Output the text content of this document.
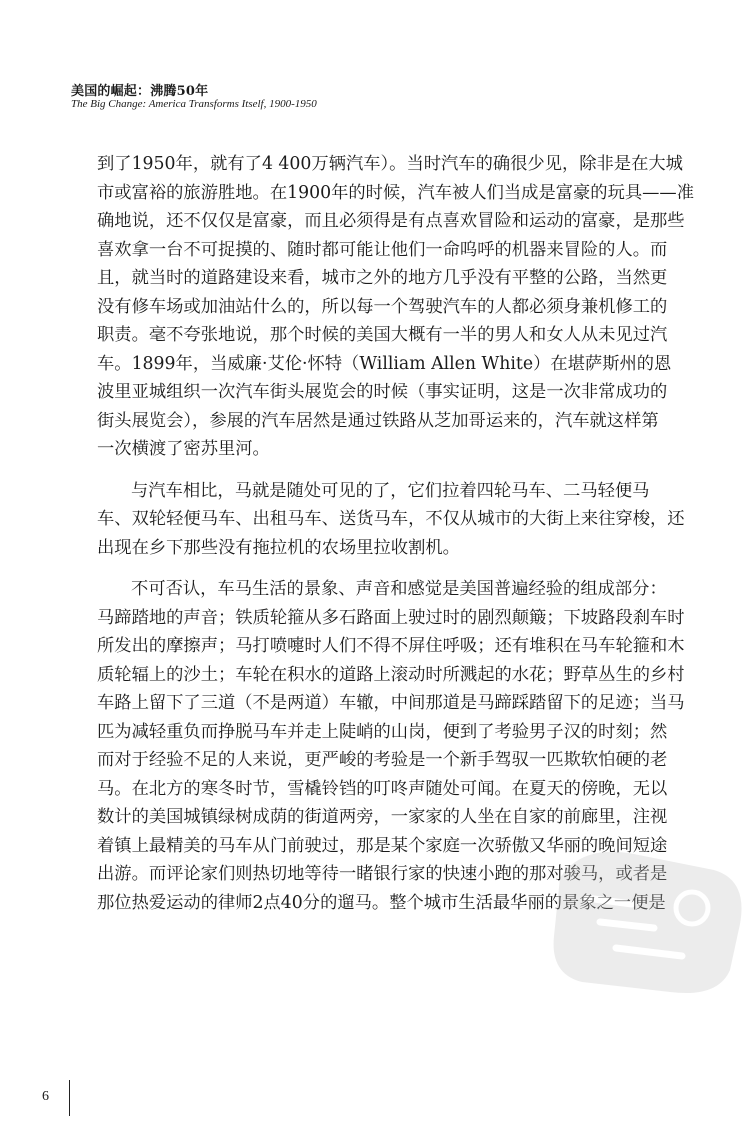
美国的崛起：沸腾50年
The Big Change: America Transforms Itself, 1900-1950
到了1950年，就有了4 400万辆汽车）。当时汽车的确很少见，除非是在大城
市或富裕的旅游胜地。在1900年的时候，汽车被人们当成是富豪的玩具——准
确地说，还不仅仅是富豪，而且必须得是有点喜欢冒险和运动的富豪，是那些
喜欢拿一台不可捉摸的、随时都可能让他们一命呜呼的机器来冒险的人。而
且，就当时的道路建设来看，城市之外的地方几乎没有平整的公路，当然更
没有修车场或加油站什么的，所以每一个驾驶汽车的人都必须身兼机修工的
职责。毫不夸张地说，那个时候的美国大概有一半的男人和女人从未见过汽
车。1899年，当威廉·艾伦·怀特（William Allen White）在堪萨斯州的恩
波里亚城组织一次汽车街头展览会的时候（事实证明，这是一次非常成功的
街头展览会），参展的汽车居然是通过铁路从芝加哥运来的，汽车就这样第
一次横渡了密苏里河。
与汽车相比，马就是随处可见的了，它们拉着四轮马车、二马轻便马
车、双轮轻便马车、出租马车、送货马车，不仅从城市的大街上来往穿梭，还
出现在乡下那些没有拖拉机的农场里拉收割机。
不可否认，车马生活的景象、声音和感觉是美国普遍经验的组成部分：
马蹄踏地的声音；铁质轮箍从多石路面上驶过时的剧烈颠簸；下坡路段刹车时
所发出的摩擦声；马打喷嚏时人们不得不屏住呼吸；还有堆积在马车轮箍和木
质轮辐上的沙土；车轮在积水的道路上滚动时所溅起的水花；野草丛生的乡村
车路上留下了三道（不是两道）车辙，中间那道是马蹄踩踏留下的足迹；当马
匹为减轻重负而挣脱马车并走上陡峭的山岗，便到了考验男子汉的时刻；然
而对于经验不足的人来说，更严峻的考验是一个新手驾驭一匹欺软怕硬的老
马。在北方的寒冬时节，雪橇铃铛的叮咚声随处可闻。在夏天的傍晚，无以
数计的美国城镇绿树成荫的街道两旁，一家家的人坐在自家的前廊里，注视
着镇上最精美的马车从门前驶过，那是某个家庭一次骄傲又华丽的晚间短途
出游。而评论家们则热切地等待一睹银行家的快速小跑的那对骏马，或者是
那位热爱运动的律师2点40分的遛马。整个城市生活最华丽的景象之一便是
6
